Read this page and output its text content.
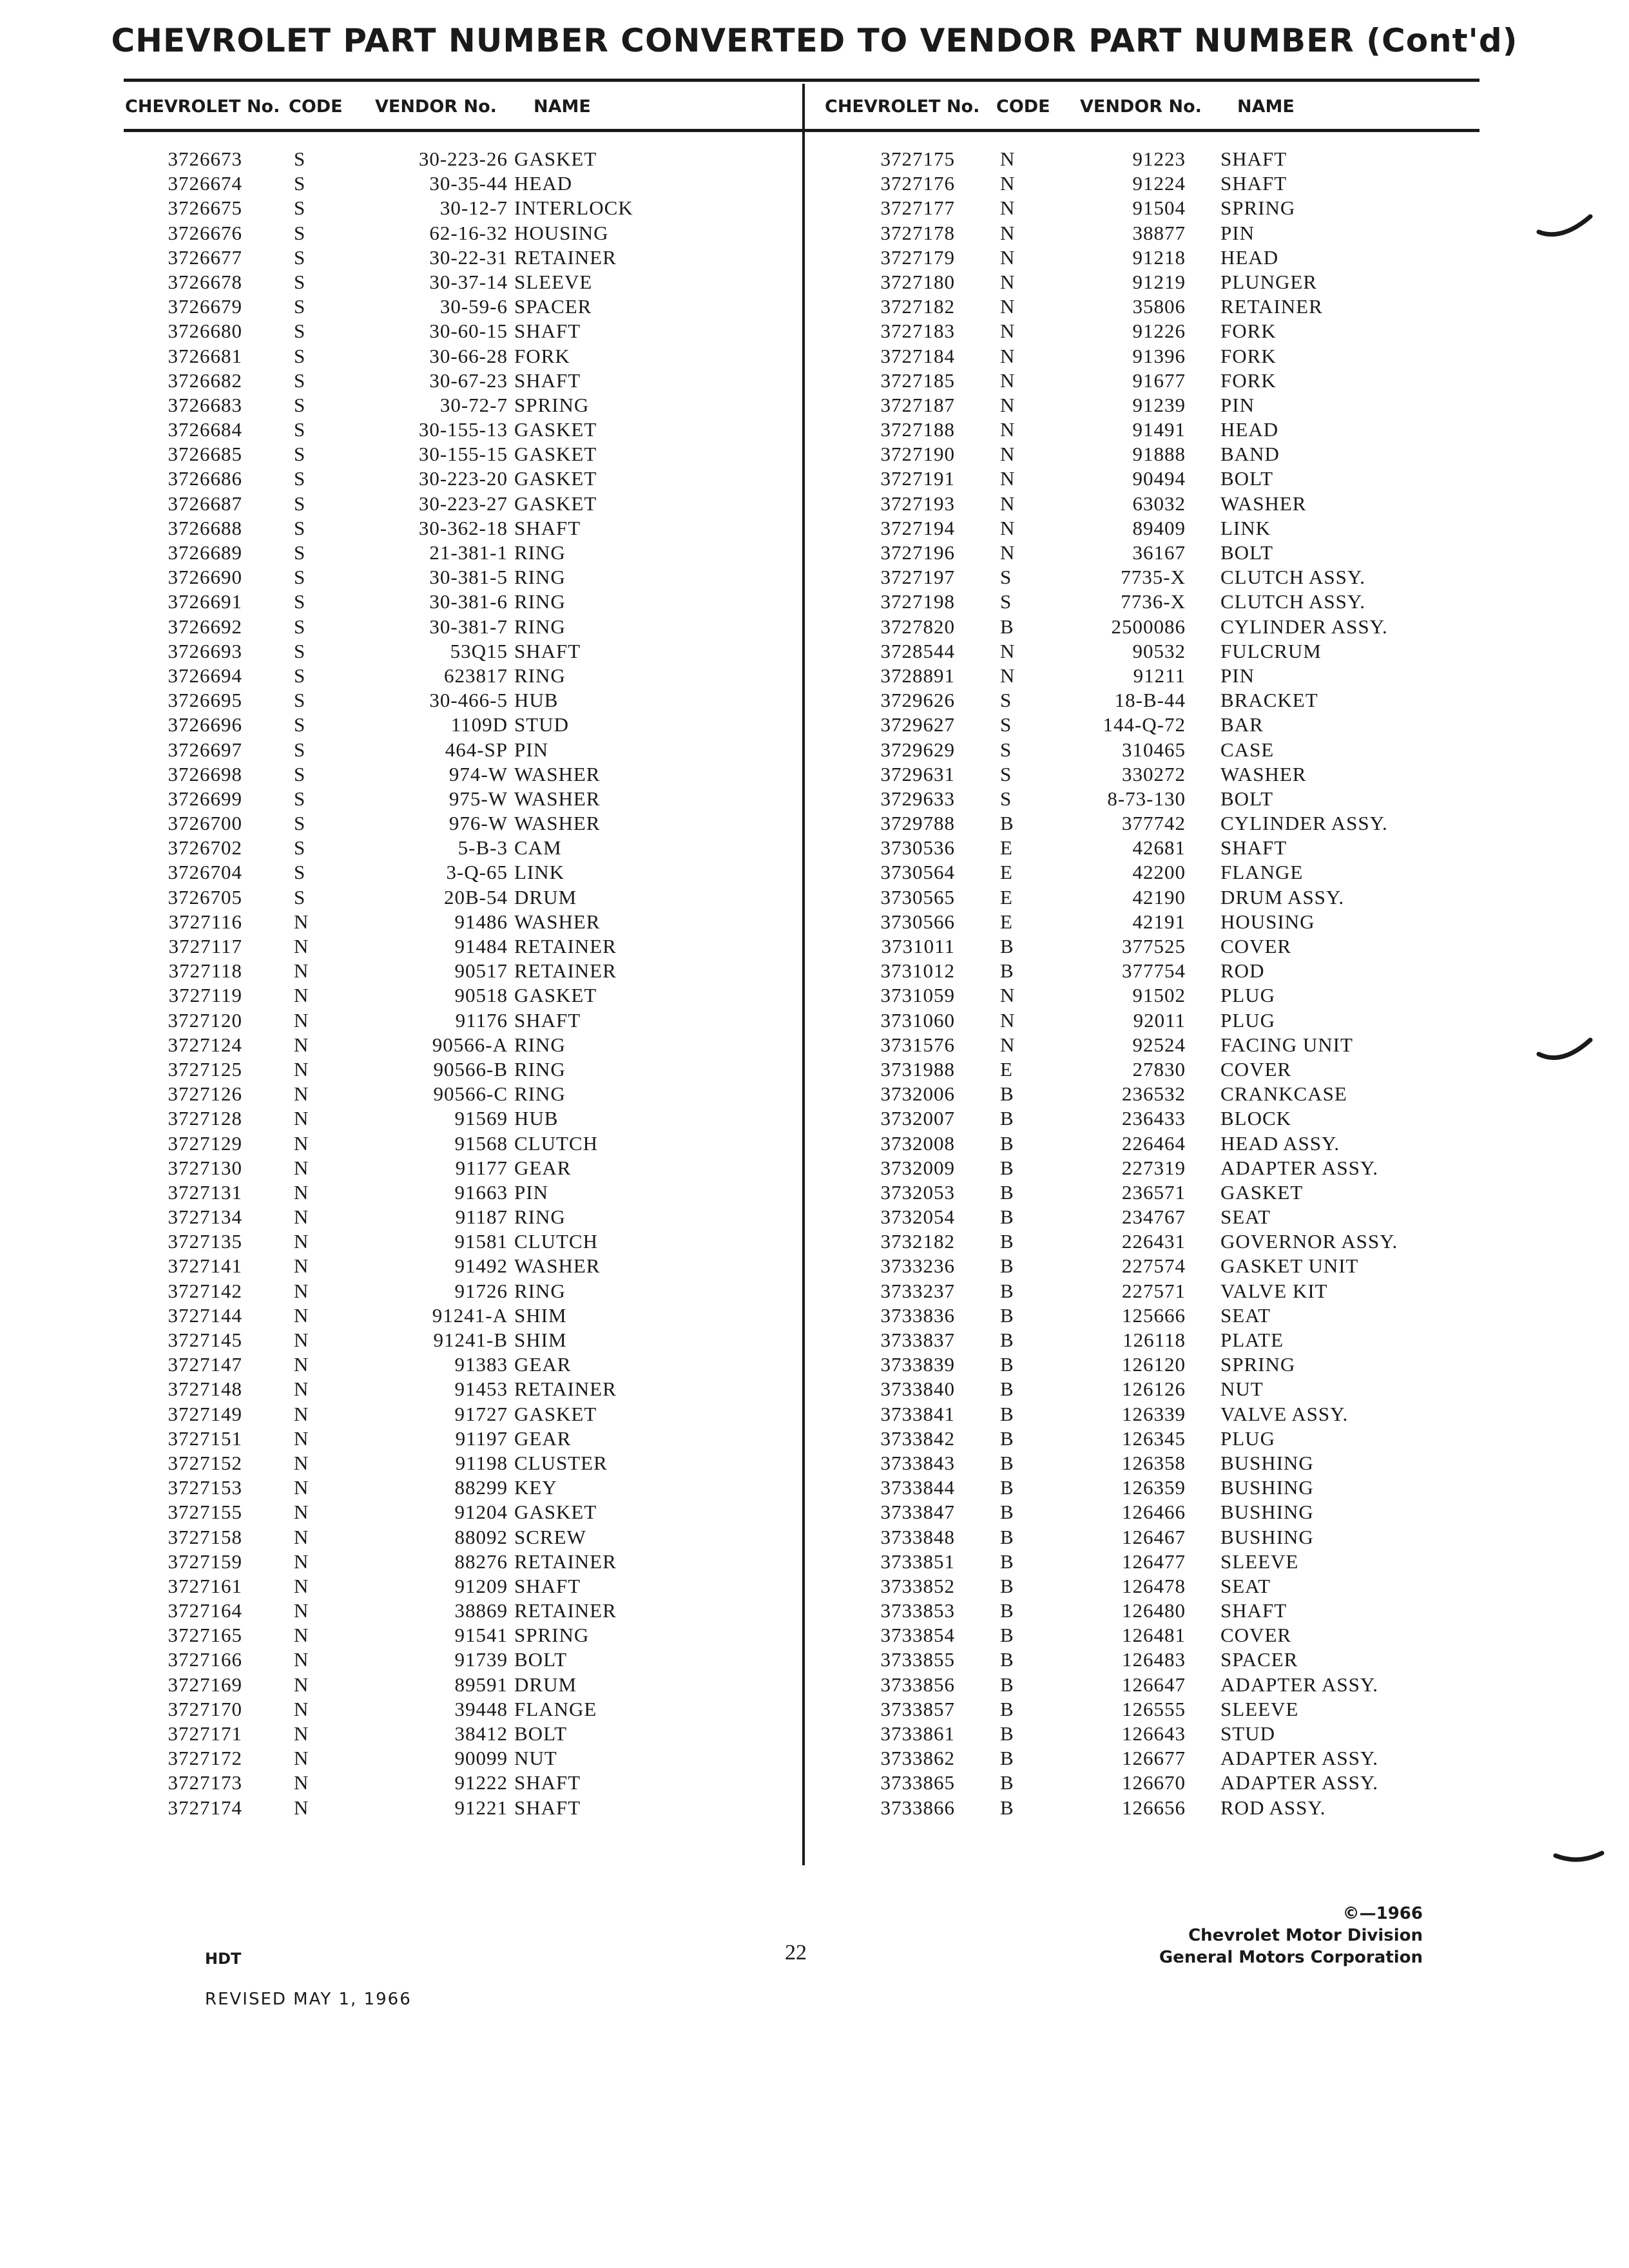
CHEVROLET PART NUMBER CONVERTED TO VENDOR PART NUMBER (Cont'd)
CHEVROLET No. CODE VENDOR No. NAME	CHEVROLET No. CODE VENDOR No. NAME
3726673	S	30-223-26 GASKET
3726674	S	30-35-44 HEAD
3726675	S	30-12-7 INTERLOCK
3726676	S	62-16-32 HOUSING
3726677	S	30-22-31 RETAINER
3726678	S	30-37-14 SLEEVE
3726679	S	30-59-6 SPACER
3726680	S	30-60-15 SHAFT
3726681	S	30-66-28 FORK
3726682	S	30-67-23 SHAFT
3726683	S	30-72-7 SPRING
3726684	S	30-155-13 GASKET
3726685	S	30-155-15 GASKET
3726686	S	30-223-20 GASKET
3726687	S	30-223-27 GASKET
3726688	S	30-362-18 SHAFT
3726689	S	21-381-1 RING
3726690	S	30-381-5 RING
3726691	S	30-381-6 RING
3726692	S	30-381-7 RING
3726693	S	53Q15 SHAFT
3726694	S	623817 RING
3726695	S	30-466-5 HUB
3726696	S	1109D STUD
3726697	S	464-SP PIN
3726698	S	974-W WASHER
3726699	S	975-W WASHER
3726700	S	976-W WASHER
3726702	S	5-B-3 CAM
3726704	S	3-Q-65 LINK
3726705	S	20B-54 DRUM
3727116	N	91486 WASHER
3727117	N	91484 RETAINER
3727118	N	90517 RETAINER
3727119	N	90518 GASKET
3727120	N	91176 SHAFT
3727124	N	90566-A RING
3727125	N	90566-B RING
3727126	N	90566-C RING
3727128	N	91569 HUB
3727129	N	91568 CLUTCH
3727130	N	91177 GEAR
3727131	N	91663 PIN
3727134	N	91187 RING
3727135	N	91581 CLUTCH
3727141	N	91492 WASHER
3727142	N	91726 RING
3727144	N	91241-A SHIM
3727145	N	91241-B SHIM
3727147	N	91383 GEAR
3727148	N	91453 RETAINER
3727149	N	91727 GASKET
3727151	N	91197 GEAR
3727152	N	91198 CLUSTER
3727153	N	88299 KEY
3727155	N	91204 GASKET
3727158	N	88092 SCREW
3727159	N	88276 RETAINER
3727161	N	91209 SHAFT
3727164	N	38869 RETAINER
3727165	N	91541 SPRING
3727166	N	91739 BOLT
3727169	N	89591 DRUM
3727170	N	39448 FLANGE
3727171	N	38412 BOLT
3727172	N	90099 NUT
3727173	N	91222 SHAFT
3727174	N	91221 SHAFT
3727175 N	91223 SHAFT
3727176 N	91224 SHAFT
3727177 N	91504 SPRING
3727178 N	38877 PIN
3727179 N	91218 HEAD
3727180 N	91219 PLUNGER
3727182 N	35806 RETAINER
3727183 N	91226 FORK
3727184 N	91396 FORK
3727185 N	91677 FORK
3727187 N	91239 PIN
3727188 N	91491 HEAD
3727190 N	91888 BAND
3727191 N	90494 BOLT
3727193 N	63032 WASHER
3727194 N	89409 LINK
3727196 N	36167 BOLT
3727197 S	7735-X CLUTCH ASSY.
3727198 S	7736-X CLUTCH ASSY.
3727820 B	2500086 CYLINDER ASSY.
3728544 N	90532 FULCRUM
3728891 N	91211 PIN
3729626 S	18-B-44 BRACKET
3729627 S	144-Q-72 BAR
3729629 S	310465 CASE
3729631 S	330272 WASHER
3729633 S	8-73-130 BOLT
3729788 B	377742 CYLINDER ASSY.
3730536 E	42681 SHAFT
3730564 E	42200 FLANGE
3730565 E	42190 DRUM ASSY.
3730566 E	42191 HOUSING
3731011 B	377525 COVER
3731012 B	377754 ROD
3731059 N	91502 PLUG
3731060 N	92011 PLUG
3731576 N	92524 FACING UNIT
3731988 E	27830 COVER
3732006 B	236532 CRANKCASE
3732007 B	236433 BLOCK
3732008 B	226464 HEAD ASSY.
3732009 B	227319 ADAPTER ASSY.
3732053 B	236571 GASKET
3732054 B	234767 SEAT
3732182 B	226431 GOVERNOR ASSY.
3733236 B	227574 GASKET UNIT
3733237 B	227571 VALVE KIT
3733836 B	125666 SEAT
3733837 B	126118 PLATE
3733839 B	126120 SPRING
3733840 B	126126 NUT
3733841 B	126339 VALVE ASSY.
3733842 B	126345 PLUG
3733843 B	126358 BUSHING
3733844 B	126359 BUSHING
3733847 B	126466 BUSHING
3733848 B	126467 BUSHING
3733851 B	126477 SLEEVE
3733852 B	126478 SEAT
3733853 B	126480 SHAFT
3733854 B	126481 COVER
3733855 B	126483 SPACER
3733856 B	126647 ADAPTER ASSY.
3733857 B	126555 SLEEVE
3733861 B	126643 STUD
3733862 B	126677 ADAPTER ASSY.
3733865 B	126670 ADAPTER ASSY.
3733866 B	126656 ROD ASSY.
©—1966
Chevrolet Motor Division
General Motors Corporation
HDT	22
REVISED MAY 1, 1966
